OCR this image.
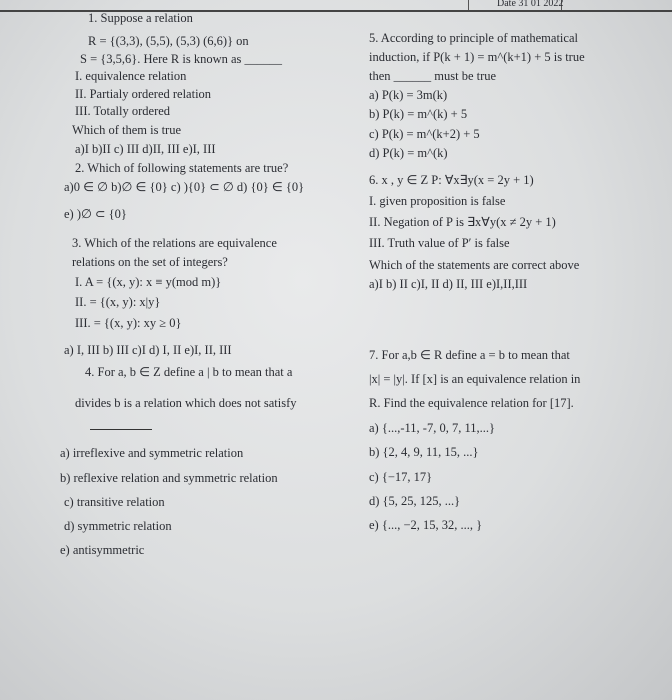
Date 31 01 2022
1. Suppose a relation
R = {(3,3), (5,5), (5,3) (6,6)} on
S = {3,5,6}. Here R is known as ______
I. equivalence relation
II. Partialy ordered relation
III. Totally ordered
Which of them is true
a)I b)II c) III d)II, III e)I, III
2. Which of following statements are true?
a)0 ∈ ∅ b)∅ ∈ {0} c) ){0} ⊂ ∅ d) {0} ∈ {0}
e) )∅ ⊂ {0}
3. Which of the relations are equivalence
relations on the set of integers?
I. A = {(x, y): x ≡ y(mod m)}
II. = {(x, y): x|y}
III. = {(x, y): xy ≥ 0}
a) I, III b) III c)I d) I, II e)I, II, III
4. For a, b ∈ Z define a | b to mean that a
divides b is a relation which does not satisfy
a) irreflexive and symmetric relation
b) reflexive relation and symmetric relation
c) transitive relation
d) symmetric relation
e) antisymmetric
5. According to principle of mathematical
induction, if P(k + 1) = m^(k+1) + 5 is true
then ______ must be true
a) P(k) = 3m(k)
b) P(k) = m^(k) + 5
c) P(k) = m^(k+2) + 5
d) P(k) = m^(k)
6. x , y ∈ Z P: ∀x∃y(x = 2y + 1)
I. given proposition is false
II. Negation of P is ∃x∀y(x ≠ 2y + 1)
III. Truth value of P′ is false
Which of the statements are correct above
a)I b) II c)I, II d) II, III e)I,II,III
7. For a,b ∈ R define a = b to mean that
|x| = |y|. If [x] is an equivalence relation in
R. Find the equivalence relation for [17].
a) {...,-11, -7, 0, 7, 11,...}
b) {2, 4, 9, 11, 15, ...}
c) {−17, 17}
d) {5, 25, 125, ...}
e) {..., −2, 15, 32, ..., }
